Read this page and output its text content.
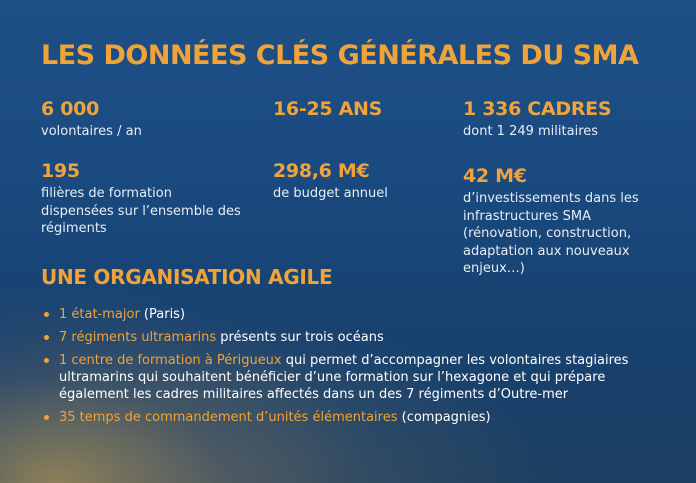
LES DONNÉES CLÉS GÉNÉRALES DU SMA
6 000
volontaires / an
16-25 ANS	1 336 CADRES
dont 1 249 militaires
195
filières de formation dispensées sur l’ensemble des régiments
298,6 M€
de budget annuel
42 M€
d’investissements dans les infrastructures SMA (rénovation, construction, adaptation aux nouveaux enjeux…)
UNE ORGANISATION AGILE
1 état-major (Paris)
7 régiments ultramarins présents sur trois océans
1 centre de formation à Périgueux qui permet d’accompagner les volontaires stagiaires ultramarins qui souhaitent bénéficier d’une formation sur l’hexagone et qui prépare également les cadres militaires affectés dans un des 7 régiments d’Outre-mer
35 temps de commandement d’unités élémentaires (compagnies)
